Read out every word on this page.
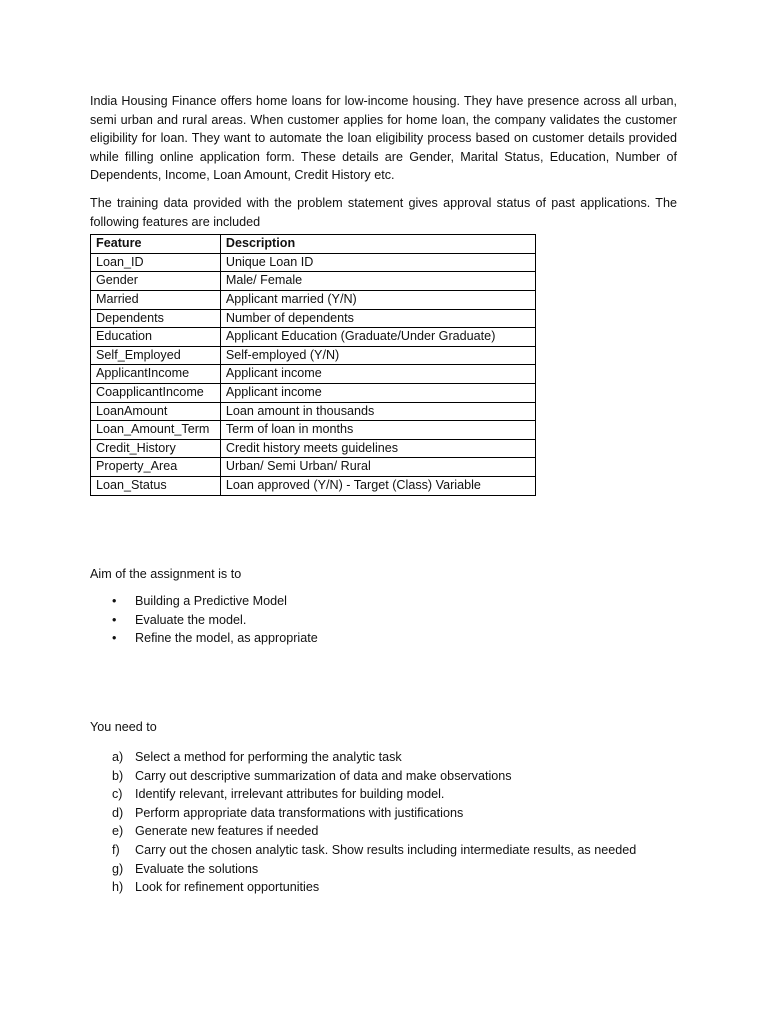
India Housing Finance offers home loans for low-income housing. They have presence across all urban, semi urban and rural areas. When customer applies for home loan, the company validates the customer eligibility for loan. They want to automate the loan eligibility process based on customer details provided while filling online application form. These details are Gender, Marital Status, Education, Number of Dependents, Income, Loan Amount, Credit History etc.

The training data provided with the problem statement gives approval status of past applications. The following features are included

Feature	Description
Loan_ID	Unique Loan ID
Gender	Male/ Female
Married	Applicant married (Y/N)
Dependents	Number of dependents
Education	Applicant Education (Graduate/Under Graduate)
Self_Employed	Self-employed (Y/N)
ApplicantIncome	Applicant income
CoapplicantIncome	Applicant income
LoanAmount	Loan amount in thousands
Loan_Amount_Term	Term of loan in months
Credit_History	Credit history meets guidelines
Property_Area	Urban/ Semi Urban/ Rural
Loan_Status	Loan approved (Y/N) - Target (Class) Variable

Aim of the assignment is to

• Building a Predictive Model
• Evaluate the model.
• Refine the model, as appropriate

You need to

a) Select a method for performing the analytic task
b) Carry out descriptive summarization of data and make observations
c) Identify relevant, irrelevant attributes for building model.
d) Perform appropriate data transformations with justifications
e) Generate new features if needed
f) Carry out the chosen analytic task. Show results including intermediate results, as needed
g) Evaluate the solutions
h) Look for refinement opportunities
